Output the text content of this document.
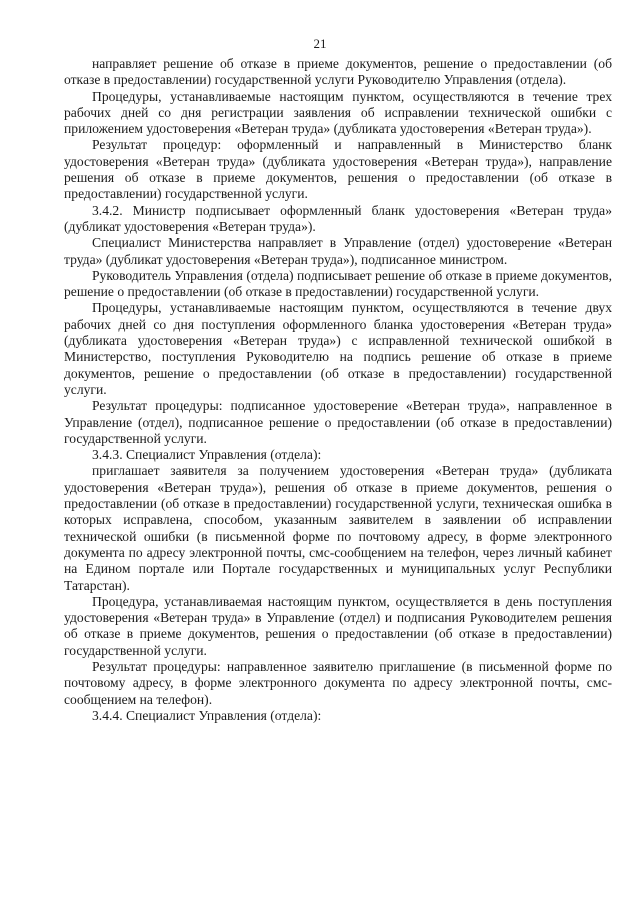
21

направляет решение об отказе в приеме документов, решение о предоставлении (об отказе в предоставлении) государственной услуги Руководителю Управления (отдела).

Процедуры, устанавливаемые настоящим пунктом, осуществляются в течение трех рабочих дней со дня регистрации заявления об исправлении технической ошибки с приложением удостоверения «Ветеран труда» (дубликата удостоверения «Ветеран труда»).

Результат процедур: оформленный и направленный в Министерство бланк удостоверения «Ветеран труда» (дубликата удостоверения «Ветеран труда»), направление решения об отказе в приеме документов, решения о предоставлении (об отказе в предоставлении) государственной услуги.

3.4.2. Министр подписывает оформленный бланк удостоверения «Ветеран труда» (дубликат удостоверения «Ветеран труда»).

Специалист Министерства направляет в Управление (отдел) удостоверение «Ветеран труда» (дубликат удостоверения «Ветеран труда»), подписанное министром.

Руководитель Управления (отдела) подписывает решение об отказе в приеме документов, решение о предоставлении (об отказе в предоставлении) государственной услуги.

Процедуры, устанавливаемые настоящим пунктом, осуществляются в течение двух рабочих дней со дня поступления оформленного бланка удостоверения «Ветеран труда» (дубликата удостоверения «Ветеран труда») с исправленной технической ошибкой в Министерство, поступления Руководителю на подпись решение об отказе в приеме документов, решение о предоставлении (об отказе в предоставлении) государственной услуги.

Результат процедуры: подписанное удостоверение «Ветеран труда», направленное в Управление (отдел), подписанное решение о предоставлении (об отказе в предоставлении) государственной услуги.

3.4.3. Специалист Управления (отдела):

приглашает заявителя за получением удостоверения «Ветеран труда» (дубликата удостоверения «Ветеран труда»), решения об отказе в приеме документов, решения о предоставлении (об отказе в предоставлении) государственной услуги, техническая ошибка в которых исправлена, способом, указанным заявителем в заявлении об исправлении технической ошибки (в письменной форме по почтовому адресу, в форме электронного документа по адресу электронной почты, смс-сообщением на телефон, через личный кабинет на Едином портале или Портале государственных и муниципальных услуг Республики Татарстан).

Процедура, устанавливаемая настоящим пунктом, осуществляется в день поступления удостоверения «Ветеран труда» в Управление (отдел) и подписания Руководителем решения об отказе в приеме документов, решения о предоставлении (об отказе в предоставлении) государственной услуги.

Результат процедуры: направленное заявителю приглашение (в письменной форме по почтовому адресу, в форме электронного документа по адресу электронной почты, смс-сообщением на телефон).

3.4.4. Специалист Управления (отдела):
